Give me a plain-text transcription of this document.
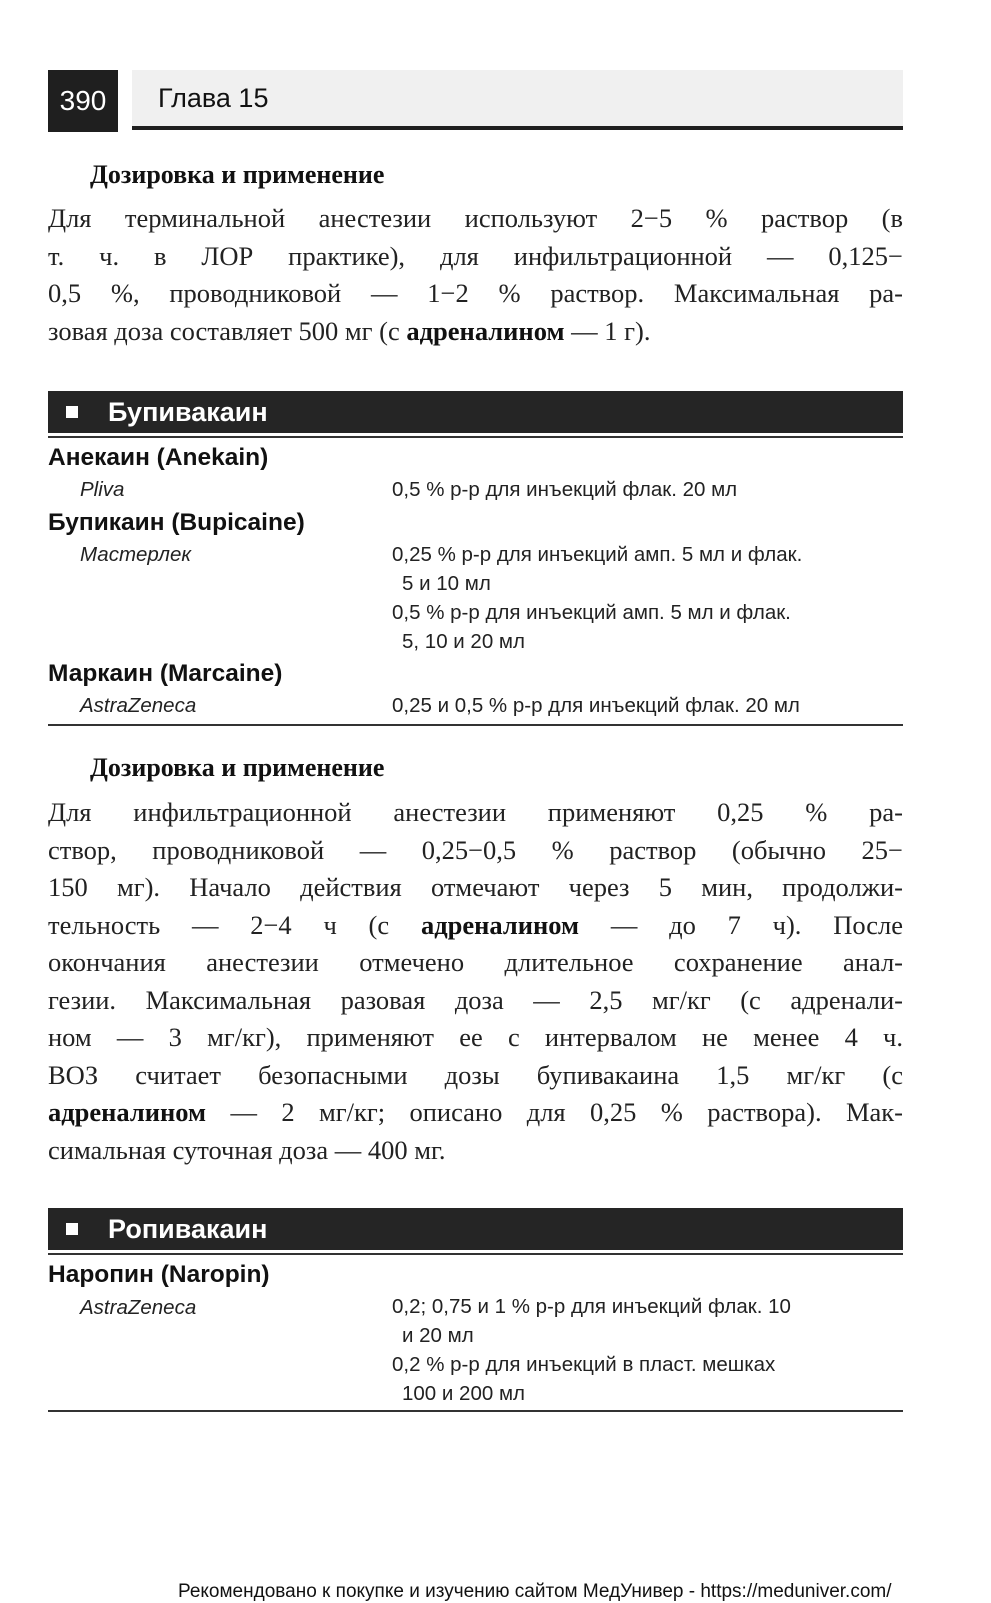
390	Глава 15
Дозировка и применение
Для терминальной анестезии используют 2−5 % раствор (в
т. ч. в ЛОР практике), для инфильтрационной — 0,125−
0,5 %, проводниковой — 1−2 % раствор. Максимальная ра-
зовая доза составляет 500 мг (с адреналином — 1 г).
Бупивакаин
Анекаин (Anekain)
Pliva	0,5 % р-р для инъекций флак. 20 мл
Бупикаин (Bupicaine)
Мастерлек	0,25 % р-р для инъекций амп. 5 мл и флак.
5 и 10 мл
0,5 % р-р для инъекций амп. 5 мл и флак.
5, 10 и 20 мл
Маркаин (Marcaine)
AstraZeneca	0,25 и 0,5 % р-р для инъекций флак. 20 мл
Дозировка и применение
Для инфильтрационной анестезии применяют 0,25 % ра-
створ, проводниковой — 0,25−0,5 % раствор (обычно 25−
150 мг). Начало действия отмечают через 5 мин, продолжи-
тельность — 2−4 ч (с адреналином — до 7 ч). После
окончания анестезии отмечено длительное сохранение анал-
гезии. Максимальная разовая доза — 2,5 мг/кг (с адренали-
ном — 3 мг/кг), применяют ее с интервалом не менее 4 ч.
ВОЗ считает безопасными дозы бупивакаина 1,5 мг/кг (с
адреналином — 2 мг/кг; описано для 0,25 % раствора). Мак-
симальная суточная доза — 400 мг.
Ропивакаин
Наропин (Naropin)
AstraZeneca	0,2; 0,75 и 1 % р-р для инъекций флак. 10
и 20 мл
0,2 % р-р для инъекций в пласт. мешках
100 и 200 мл
Рекомендовано к покупке и изучению сайтом МедУнивер - https://meduniver.com/
